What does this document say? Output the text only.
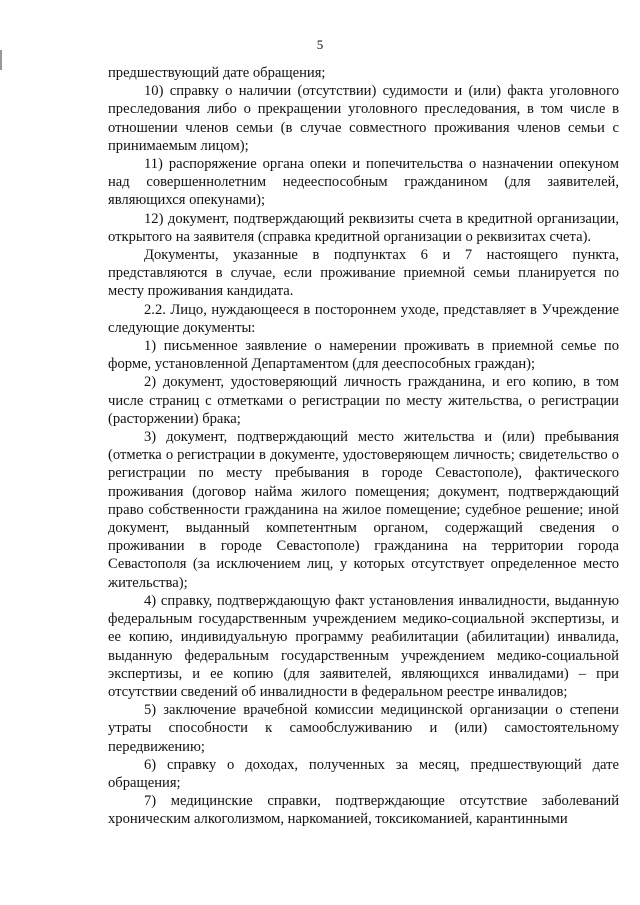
5

предшествующий дате обращения;

10) справку о наличии (отсутствии) судимости и (или) факта уголовного преследования либо о прекращении уголовного преследования, в том числе в отношении членов семьи (в случае совместного проживания членов семьи с принимаемым лицом);

11) распоряжение органа опеки и попечительства о назначении опекуном над совершеннолетним недееспособным гражданином (для заявителей, являющихся опекунами);

12) документ, подтверждающий реквизиты счета в кредитной организации, открытого на заявителя (справка кредитной организации о реквизитах счета).

Документы, указанные в подпунктах 6 и 7 настоящего пункта, представляются в случае, если проживание приемной семьи планируется по месту проживания кандидата.

2.2. Лицо, нуждающееся в постороннем уходе, представляет в Учреждение следующие документы:

1) письменное заявление о намерении проживать в приемной семье по форме, установленной Департаментом (для дееспособных граждан);

2) документ, удостоверяющий личность гражданина, и его копию, в том числе страниц с отметками о регистрации по месту жительства, о регистрации (расторжении) брака;

3) документ, подтверждающий место жительства и (или) пребывания (отметка о регистрации в документе, удостоверяющем личность; свидетельство о регистрации по месту пребывания в городе Севастополе), фактического проживания (договор найма жилого помещения; документ, подтверждающий право собственности гражданина на жилое помещение; судебное решение; иной документ, выданный компетентным органом, содержащий сведения о проживании в городе Севастополе) гражданина на территории города Севастополя (за исключением лиц, у которых отсутствует определенное место жительства);

4) справку, подтверждающую факт установления инвалидности, выданную федеральным государственным учреждением медико-социальной экспертизы, и ее копию, индивидуальную программу реабилитации (абилитации) инвалида, выданную федеральным государственным учреждением медико-социальной экспертизы, и ее копию (для заявителей, являющихся инвалидами) – при отсутствии сведений об инвалидности в федеральном реестре инвалидов;

5) заключение врачебной комиссии медицинской организации о степени утраты способности к самообслуживанию и (или) самостоятельному передвижению;

6) справку о доходах, полученных за месяц, предшествующий дате обращения;

7) медицинские справки, подтверждающие отсутствие заболеваний хроническим алкоголизмом, наркоманией, токсикоманией, карантинными
